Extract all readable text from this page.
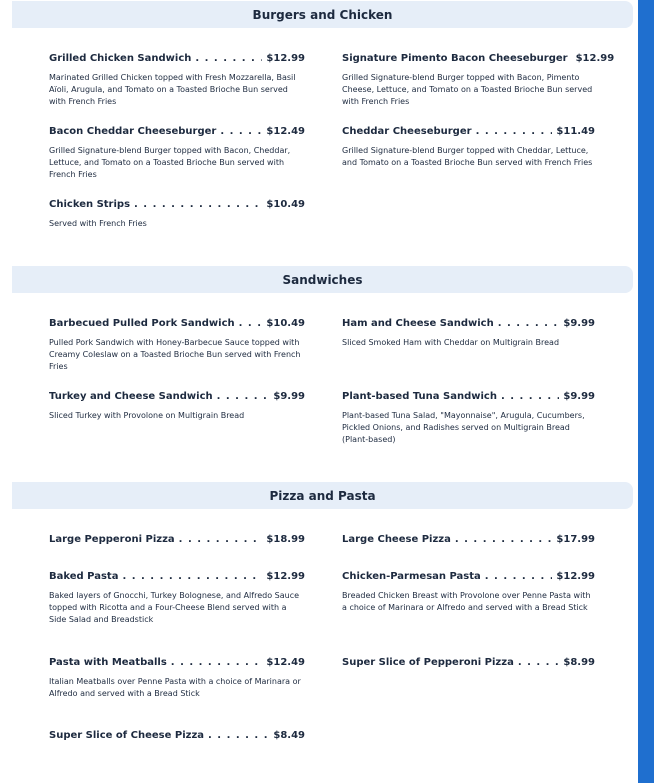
Burgers and Chicken
Grilled Chicken Sandwich . . .	$12.99
Marinated Grilled Chicken topped with Fresh Mozzarella, Basil Aïoli, Arugula, and Tomato on a Toasted Brioche Bun served with French Fries
Signature Pimento Bacon Cheeseburger $12.99
Grilled Signature-blend Burger topped with Bacon, Pimento Cheese, Lettuce, and Tomato on a Toasted Brioche Bun served with French Fries
Bacon Cheddar Cheeseburger . . .	$12.49
Grilled Signature-blend Burger topped with Bacon, Cheddar, Lettuce, and Tomato on a Toasted Brioche Bun served with French Fries
Cheddar Cheeseburger . . .	$11.49
Grilled Signature-blend Burger topped with Cheddar, Lettuce, and Tomato on a Toasted Brioche Bun served with French Fries
Chicken Strips . . .	$10.49
Served with French Fries
Sandwiches
Barbecued Pulled Pork Sandwich . . .	$10.49
Pulled Pork Sandwich with Honey-Barbecue Sauce topped with Creamy Coleslaw on a Toasted Brioche Bun served with French Fries
Ham and Cheese Sandwich . . .	$9.99
Sliced Smoked Ham with Cheddar on Multigrain Bread
Turkey and Cheese Sandwich . . .	$9.99
Sliced Turkey with Provolone on Multigrain Bread
Plant-based Tuna Sandwich . . .	$9.99
Plant-based Tuna Salad, "Mayonnaise", Arugula, Cucumbers, Pickled Onions, and Radishes served on Multigrain Bread (Plant-based)
Pizza and Pasta
Large Pepperoni Pizza . . .	$18.99	Large Cheese Pizza . . .	$17.99
Baked Pasta . . .	$12.99
Baked layers of Gnocchi, Turkey Bolognese, and Alfredo Sauce topped with Ricotta and a Four-Cheese Blend served with a Side Salad and Breadstick
Chicken-Parmesan Pasta . . .	$12.99
Breaded Chicken Breast with Provolone over Penne Pasta with a choice of Marinara or Alfredo and served with a Bread Stick
Pasta with Meatballs . . .	$12.49
Italian Meatballs over Penne Pasta with a choice of Marinara or Alfredo and served with a Bread Stick
Super Slice of Pepperoni Pizza . . .	$8.99
Super Slice of Cheese Pizza . . .	$8.49
